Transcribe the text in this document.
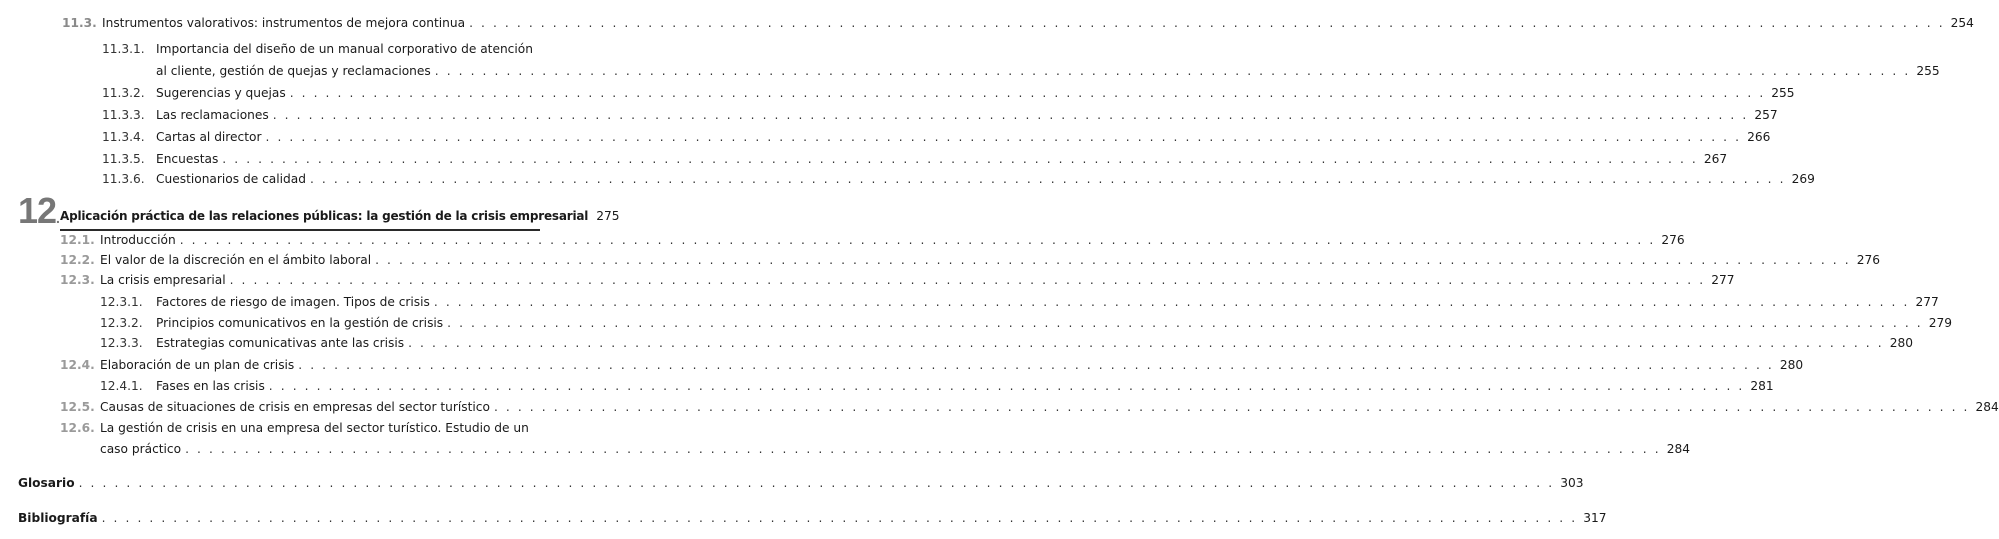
11.3. Instrumentos valorativos: instrumentos de mejora continua . . .	254
11.3.1. Importancia del diseño de un manual corporativo de atención
al cliente, gestión de quejas y reclamaciones . . .	255
11.3.2. Sugerencias y quejas . . .	255
11.3.3. Las reclamaciones . . .	257
11.3.4. Cartas al director . . .	266
11.3.5. Encuestas . . .	267
11.3.6. Cuestionarios de calidad . . .	269
12. Aplicación práctica de las relaciones públicas: la gestión de la crisis empresarial 275
12.1. Introducción . . .	276
12.2. El valor de la discreción en el ámbito laboral . . .	276
12.3. La crisis empresarial . . .	277
12.3.1. Factores de riesgo de imagen. Tipos de crisis . . .	277
12.3.2. Principios comunicativos en la gestión de crisis . . .	279
12.3.3. Estrategias comunicativas ante las crisis . . .	280
12.4. Elaboración de un plan de crisis . . .	280
12.4.1. Fases en las crisis . . .	281
12.5. Causas de situaciones de crisis en empresas del sector turístico . . .	284
12.6. La gestión de crisis en una empresa del sector turístico. Estudio de un
caso práctico . . .	284
Glosario . . .	303
Bibliografía . . .	317
